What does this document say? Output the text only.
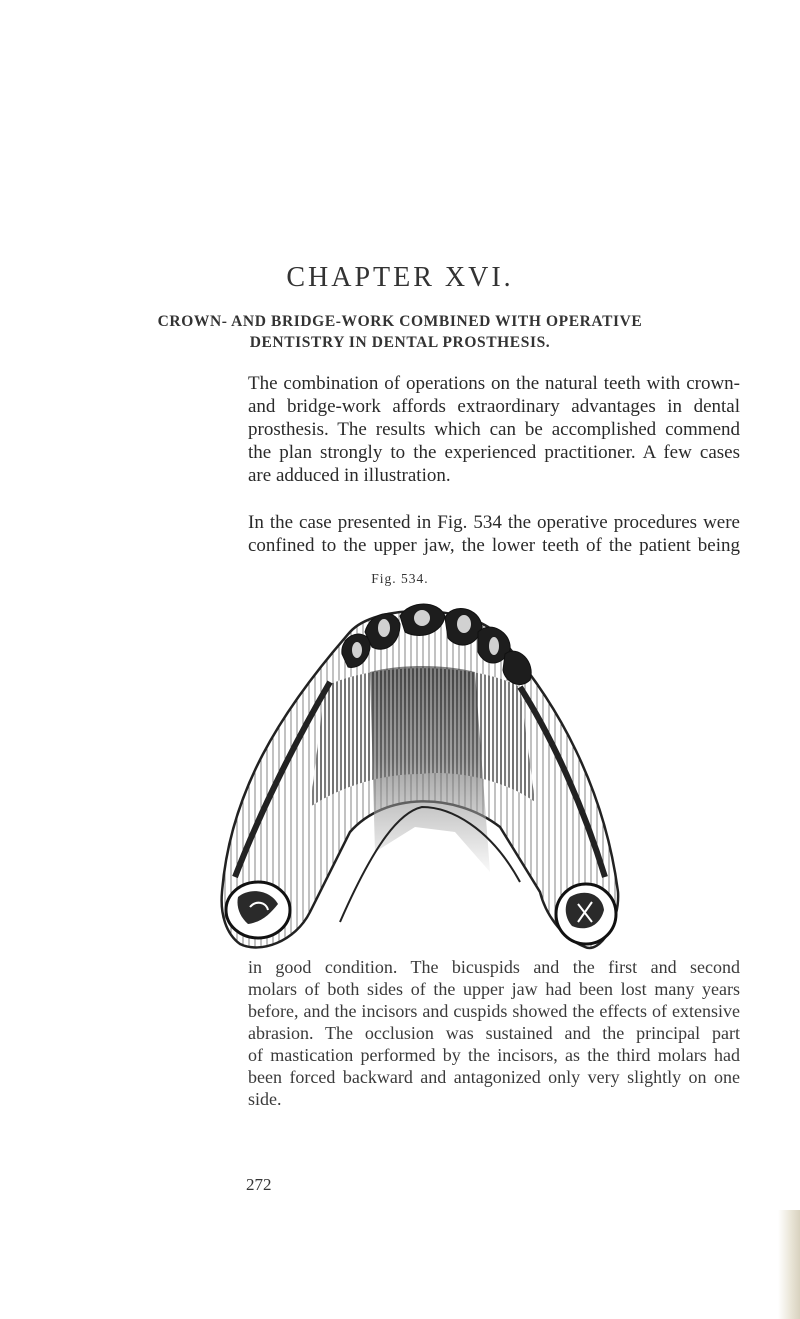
CHAPTER XVI.
CROWN- AND BRIDGE-WORK COMBINED WITH OPERATIVE
DENTISTRY IN DENTAL PROSTHESIS.
The combination of operations on the natural teeth with crown-
and bridge-work affords extraordinary advantages in dental
prosthesis. The results which can be accomplished commend
the plan strongly to the experienced practitioner. A few cases
are adduced in illustration.
In the case presented in Fig. 534 the operative procedures were
confined to the upper jaw, the lower teeth of the patient being
Fig. 534.
in good condition. The bicuspids and the first and second
molars of both sides of the upper jaw had been lost many years
before, and the incisors and cuspids showed the effects of extensive
abrasion. The occlusion was sustained and the principal part
of mastication performed by the incisors, as the third molars had
been forced backward and antagonized only very slightly on one
side.
272
